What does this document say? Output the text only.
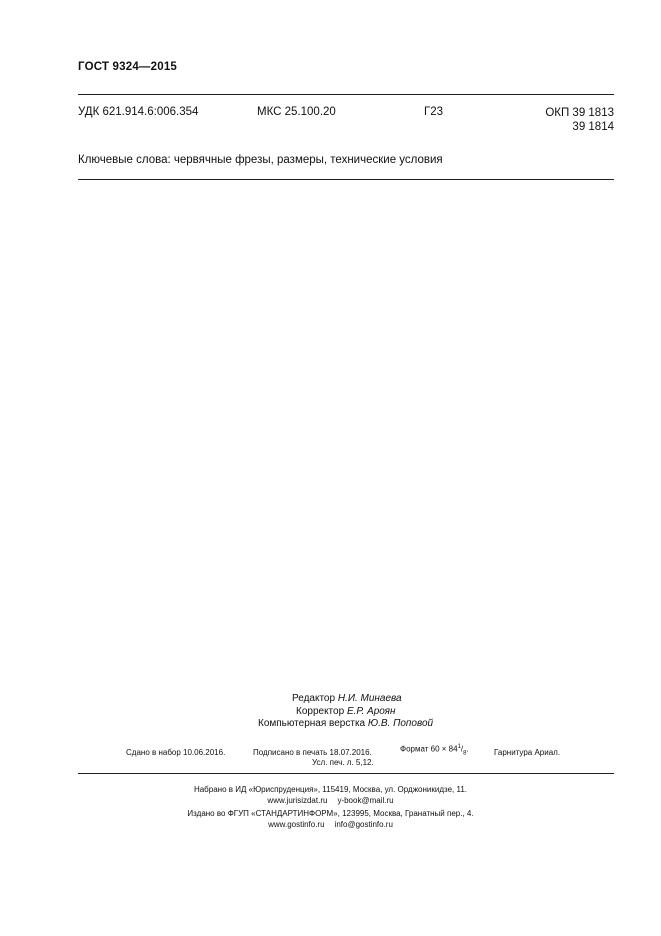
ГОСТ 9324—2015
УДК 621.914.6:006.354	МКС 25.100.20	Г23	ОКП 39 1813
39 1814
Ключевые слова: червячные фрезы, размеры, технические условия
Редактор Н.И. Минаева
Корректор Е.Р. Ароян
Компьютерная верстка Ю.В. Поповой
Сдано в набор 10.06.2016.	Подписано в печать 18.07.2016.	Формат $60 \times 84^1/_8$.	Гарнитура Ариал.
Усл. печ. л. 5,12.
Набрано в ИД «Юриспруденция», 115419, Москва, ул. Орджоникидзе, 11.
www.jurisizdat.ru y-book@mail.ru
Издано во ФГУП «СТАНДАРТИНФОРМ», 123995, Москва, Гранатный пер., 4.
www.gostinfo.ru info@gostinfo.ru
